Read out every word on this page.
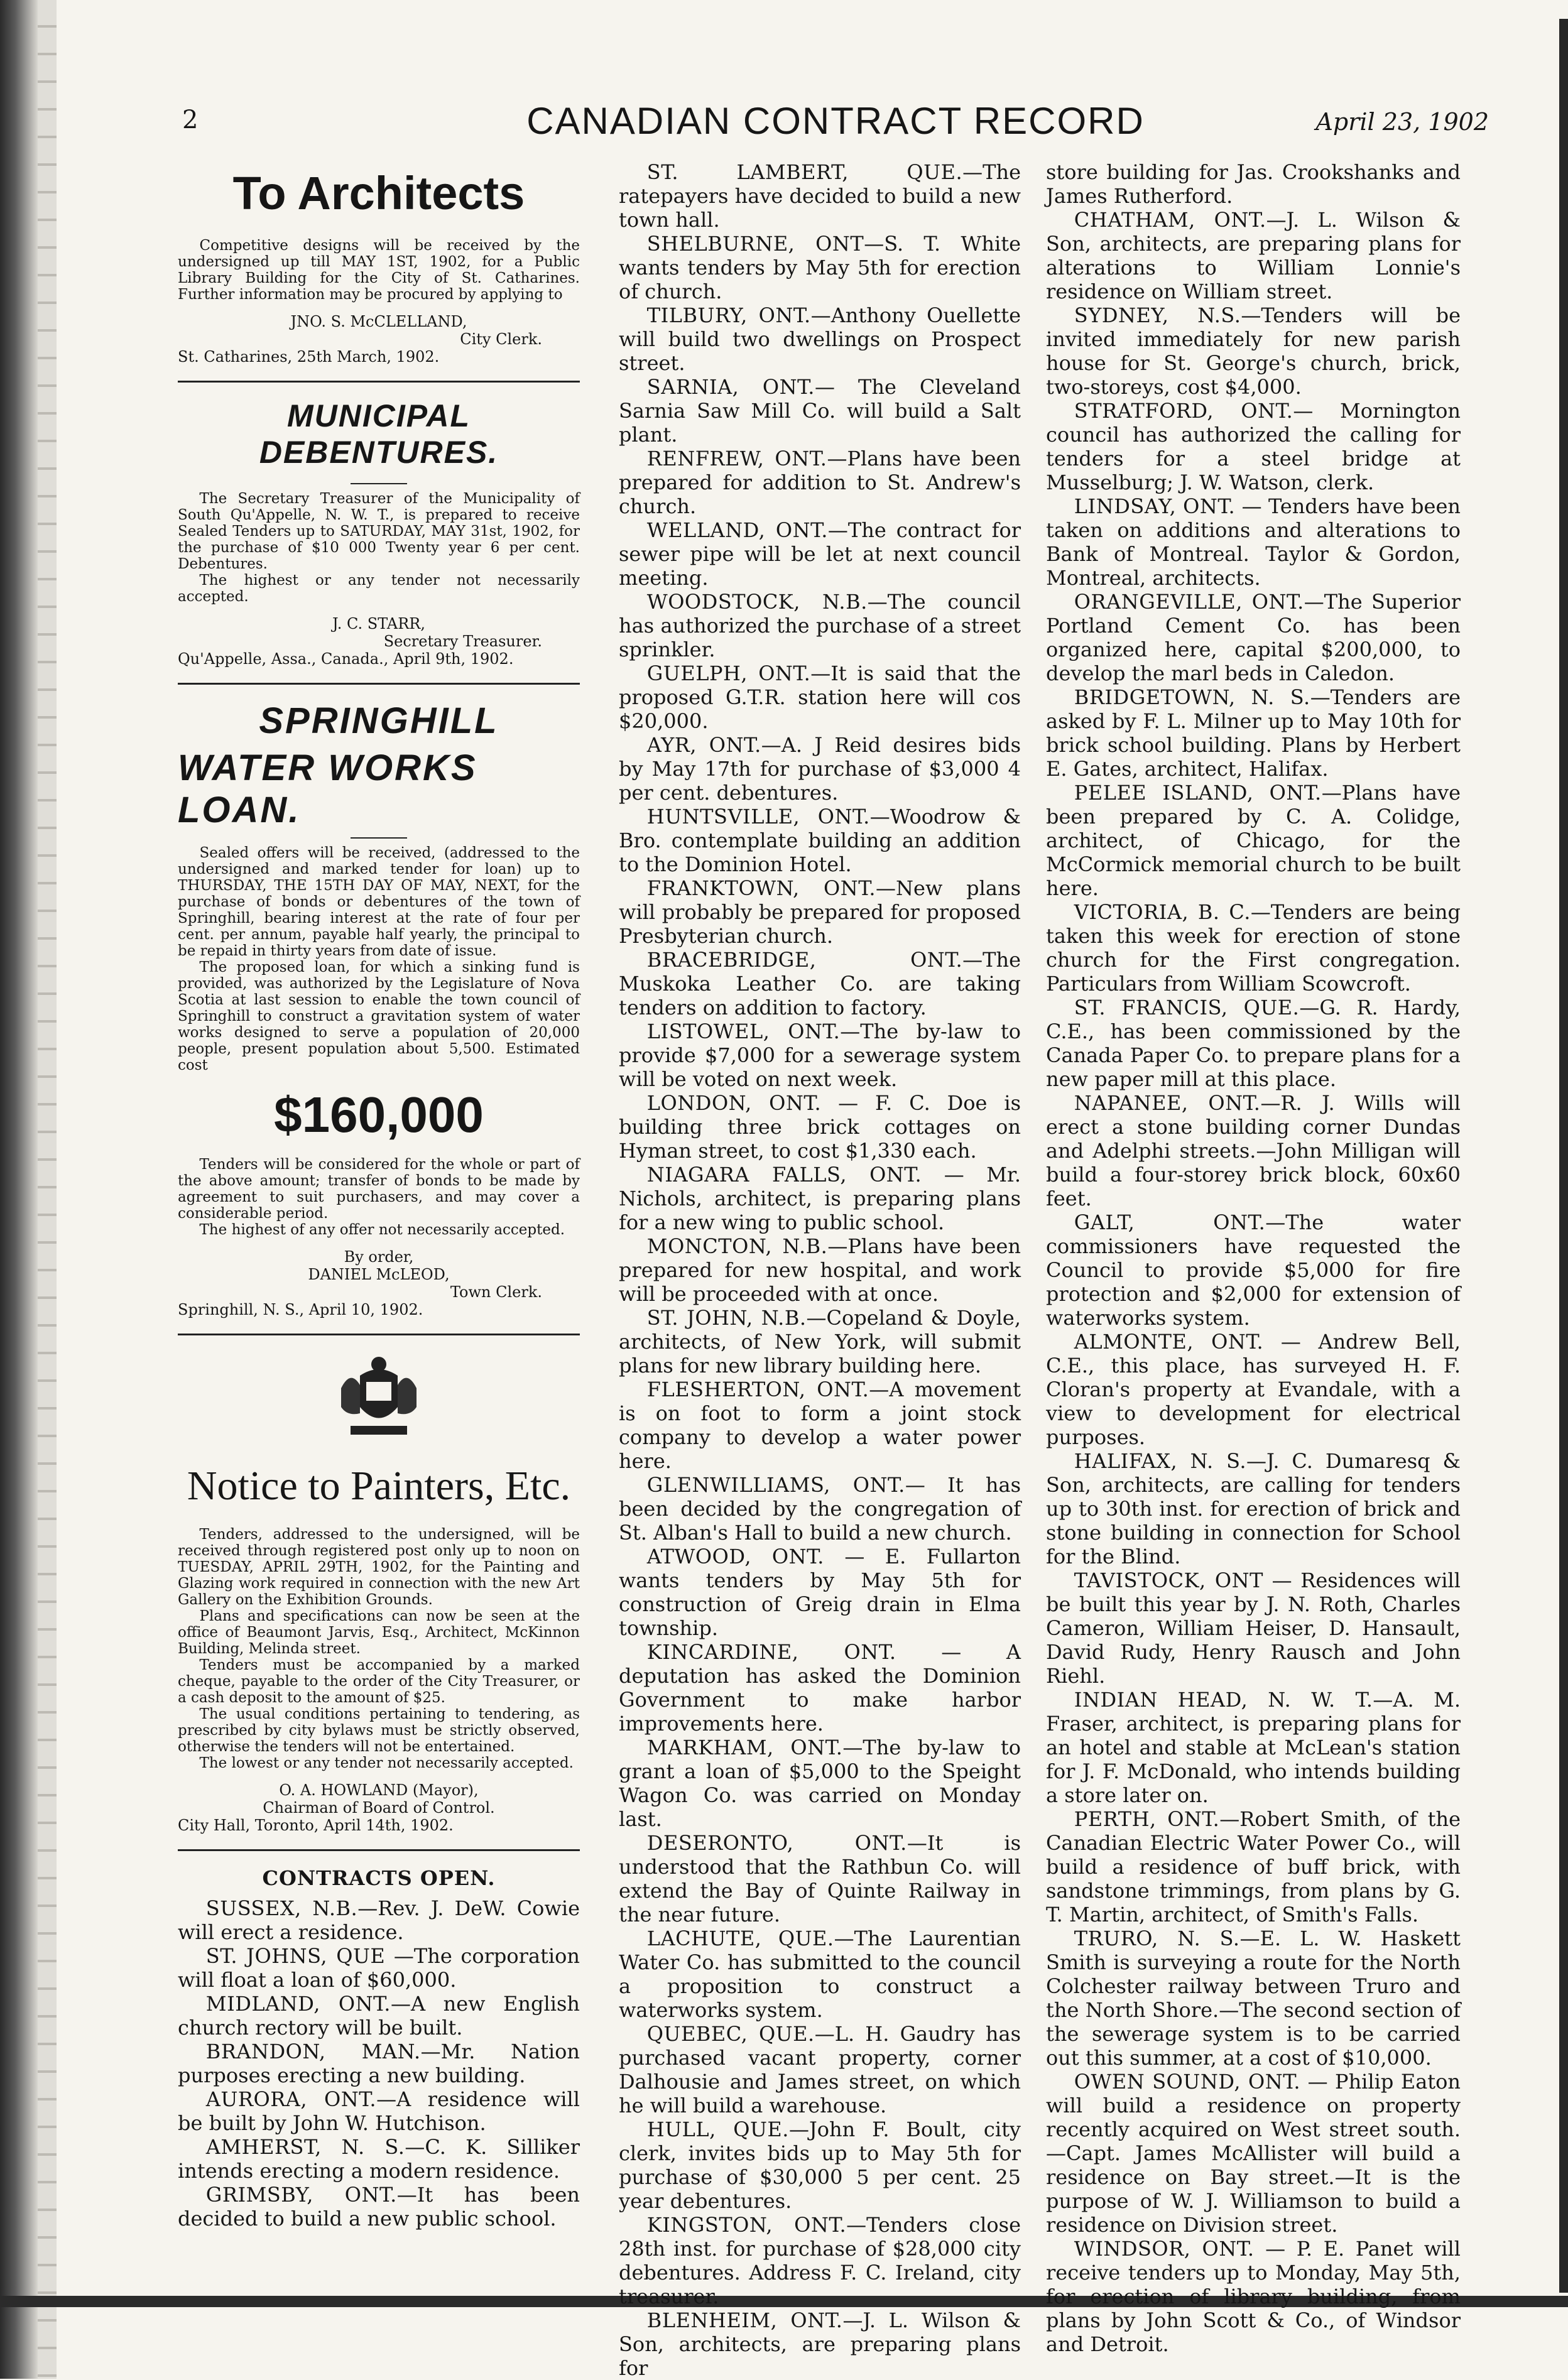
2	CANADIAN CONTRACT RECORD	April 23, 1902
To Architects

Competitive designs will be received by the undersigned up till MAY 1ST, 1902, for a Public Library Building for the City of St. Catharines. Further information may be procured by applying to

JNO. S. McCLELLAND,
City Clerk.
St. Catharines, 25th March, 1902.
MUNICIPAL DEBENTURES.

The Secretary Treasurer of the Municipality of South Qu'Appelle, N. W. T., is prepared to receive Sealed Tenders up to SATURDAY, MAY 31st, 1902, for the purchase of $10 000 Twenty year 6 per cent. Debentures.

The highest or any tender not necessarily accepted.

J. C. STARR,
Secretary Treasurer.
Qu'Appelle, Assa., Canada., April 9th, 1902.
SPRINGHILL
WATER WORKS LOAN.

Sealed offers will be received, (addressed to the undersigned and marked tender for loan) up to THURSDAY, THE 15TH DAY OF MAY, NEXT, for the purchase of bonds or debentures of the town of Springhill, bearing interest at the rate of four per cent. per annum, payable half yearly, the principal to be repaid in thirty years from date of issue.

The proposed loan, for which a sinking fund is provided, was authorized by the Legislature of Nova Scotia at last session to enable the town council of Springhill to construct a gravitation system of water works designed to serve a population of 20,000 people, present population about 5,500. Estimated cost

$160,000

Tenders will be considered for the whole or part of the above amount; transfer of bonds to be made by agreement to suit purchasers, and may cover a considerable period.

The highest of any offer not necessarily accepted.

By order,
DANIEL McLEOD,
Town Clerk.
Springhill, N. S., April 10, 1902.
Notice to Painters, Etc.

Tenders, addressed to the undersigned, will be received through registered post only up to noon on TUESDAY, APRIL 29TH, 1902, for the Painting and Glazing work required in connection with the new Art Gallery on the Exhibition Grounds.

Plans and specifications can now be seen at the office of Beaumont Jarvis, Esq., Architect, McKinnon Building, Melinda street.

Tenders must be accompanied by a marked cheque, payable to the order of the City Treasurer, or a cash deposit to the amount of $25.

The usual conditions pertaining to tendering, as prescribed by city bylaws must be strictly observed, otherwise the tenders will not be entertained.

The lowest or any tender not necessarily accepted.

O. A. HOWLAND (Mayor),
Chairman of Board of Control.
City Hall, Toronto, April 14th, 1902.
CONTRACTS OPEN.

SUSSEX, N.B.—Rev. J. DeW. Cowie will erect a residence.

ST. JOHNS, QUE —The corporation will float a loan of $60,000.

MIDLAND, ONT.—A new English church rectory will be built.

BRANDON, MAN.—Mr. Nation purposes erecting a new building.

AURORA, ONT.—A residence will be built by John W. Hutchison.

AMHERST, N. S.—C. K. Silliker intends erecting a modern residence.

GRIMSBY, ONT.—It has been decided to build a new public school.

ST. LAMBERT, QUE.—The ratepayers have decided to build a new town hall.

SHELBURNE, ONT—S. T. White wants tenders by May 5th for erection of church.

TILBURY, ONT.—Anthony Ouellette will build two dwellings on Prospect street.

SARNIA, ONT.— The Cleveland Sarnia Saw Mill Co. will build a Salt plant.

RENFREW, ONT.—Plans have been prepared for addition to St. Andrew's church.

WELLAND, ONT.—The contract for sewer pipe will be let at next council meeting.

WOODSTOCK, N.B.—The council has authorized the purchase of a street sprinkler.

GUELPH, ONT.—It is said that the proposed G.T.R. station here will cos $20,000.

AYR, ONT.—A. J Reid desires bids by May 17th for purchase of $3,000 4 per cent. debentures.

HUNTSVILLE, ONT.—Woodrow & Bro. contemplate building an addition to the Dominion Hotel.

FRANKTOWN, ONT.—New plans will probably be prepared for proposed Presbyterian church.

BRACEBRIDGE, ONT.—The Muskoka Leather Co. are taking tenders on addition to factory.

LISTOWEL, ONT.—The by-law to provide $7,000 for a sewerage system will be voted on next week.

LONDON, ONT. — F. C. Doe is building three brick cottages on Hyman street, to cost $1,330 each.

NIAGARA FALLS, ONT. — Mr. Nichols, architect, is preparing plans for a new wing to public school.

MONCTON, N.B.—Plans have been prepared for new hospital, and work will be proceeded with at once.

ST. JOHN, N.B.—Copeland & Doyle, architects, of New York, will submit plans for new library building here.

FLESHERTON, ONT.—A movement is on foot to form a joint stock company to develop a water power here.

GLENWILLIAMS, ONT.— It has been decided by the congregation of St. Alban's Hall to build a new church.

ATWOOD, ONT. — E. Fullarton wants tenders by May 5th for construction of Greig drain in Elma township.

KINCARDINE, ONT. — A deputation has asked the Dominion Government to make harbor improvements here.

MARKHAM, ONT.—The by-law to grant a loan of $5,000 to the Speight Wagon Co. was carried on Monday last.

DESERONTO, ONT.—It is understood that the Rathbun Co. will extend the Bay of Quinte Railway in the near future.

LACHUTE, QUE.—The Laurentian Water Co. has submitted to the council a proposition to construct a waterworks system.

QUEBEC, QUE.—L. H. Gaudry has purchased vacant property, corner Dalhousie and James street, on which he will build a warehouse.

HULL, QUE.—John F. Boult, city clerk, invites bids up to May 5th for purchase of $30,000 5 per cent. 25 year debentures.

KINGSTON, ONT.—Tenders close 28th inst. for purchase of $28,000 city debentures. Address F. C. Ireland, city treasurer.

BLENHEIM, ONT.—J. L. Wilson & Son, architects, are preparing plans for

store building for Jas. Crookshanks and James Rutherford.

CHATHAM, ONT.—J. L. Wilson & Son, architects, are preparing plans for alterations to William Lonnie's residence on William street.

SYDNEY, N.S.—Tenders will be invited immediately for new parish house for St. George's church, brick, two-storeys, cost $4,000.

STRATFORD, ONT.— Mornington council has authorized the calling for tenders for a steel bridge at Musselburg; J. W. Watson, clerk.

LINDSAY, ONT. — Tenders have been taken on additions and alterations to Bank of Montreal. Taylor & Gordon, Montreal, architects.

ORANGEVILLE, ONT.—The Superior Portland Cement Co. has been organized here, capital $200,000, to develop the marl beds in Caledon.

BRIDGETOWN, N. S.—Tenders are asked by F. L. Milner up to May 10th for brick school building. Plans by Herbert E. Gates, architect, Halifax.

PELEE ISLAND, ONT.—Plans have been prepared by C. A. Colidge, architect, of Chicago, for the McCormick memorial church to be built here.

VICTORIA, B. C.—Tenders are being taken this week for erection of stone church for the First congregation. Particulars from William Scowcroft.

ST. FRANCIS, QUE.—G. R. Hardy, C.E., has been commissioned by the Canada Paper Co. to prepare plans for a new paper mill at this place.

NAPANEE, ONT.—R. J. Wills will erect a stone building corner Dundas and Adelphi streets.—John Milligan will build a four-storey brick block, 60x60 feet.

GALT, ONT.—The water commissioners have requested the Council to provide $5,000 for fire protection and $2,000 for extension of waterworks system.

ALMONTE, ONT. — Andrew Bell, C.E., this place, has surveyed H. F. Cloran's property at Evandale, with a view to development for electrical purposes.

HALIFAX, N. S.—J. C. Dumaresq & Son, architects, are calling for tenders up to 30th inst. for erection of brick and stone building in connection for School for the Blind.

TAVISTOCK, ONT — Residences will be built this year by J. N. Roth, Charles Cameron, William Heiser, D. Hansault, David Rudy, Henry Rausch and John Riehl.

INDIAN HEAD, N. W. T.—A. M. Fraser, architect, is preparing plans for an hotel and stable at McLean's station for J. F. McDonald, who intends building a store later on.

PERTH, ONT.—Robert Smith, of the Canadian Electric Water Power Co., will build a residence of buff brick, with sandstone trimmings, from plans by G. T. Martin, architect, of Smith's Falls.

TRURO, N. S.—E. L. W. Haskett Smith is surveying a route for the North Colchester railway between Truro and the North Shore.—The second section of the sewerage system is to be carried out this summer, at a cost of $10,000.

OWEN SOUND, ONT. — Philip Eaton will build a residence on property recently acquired on West street south.—Capt. James McAllister will build a residence on Bay street.—It is the purpose of W. J. Williamson to build a residence on Division street.

WINDSOR, ONT. — P. E. Panet will receive tenders up to Monday, May 5th, for erection of library building, from plans by John Scott & Co., of Windsor and Detroit.
